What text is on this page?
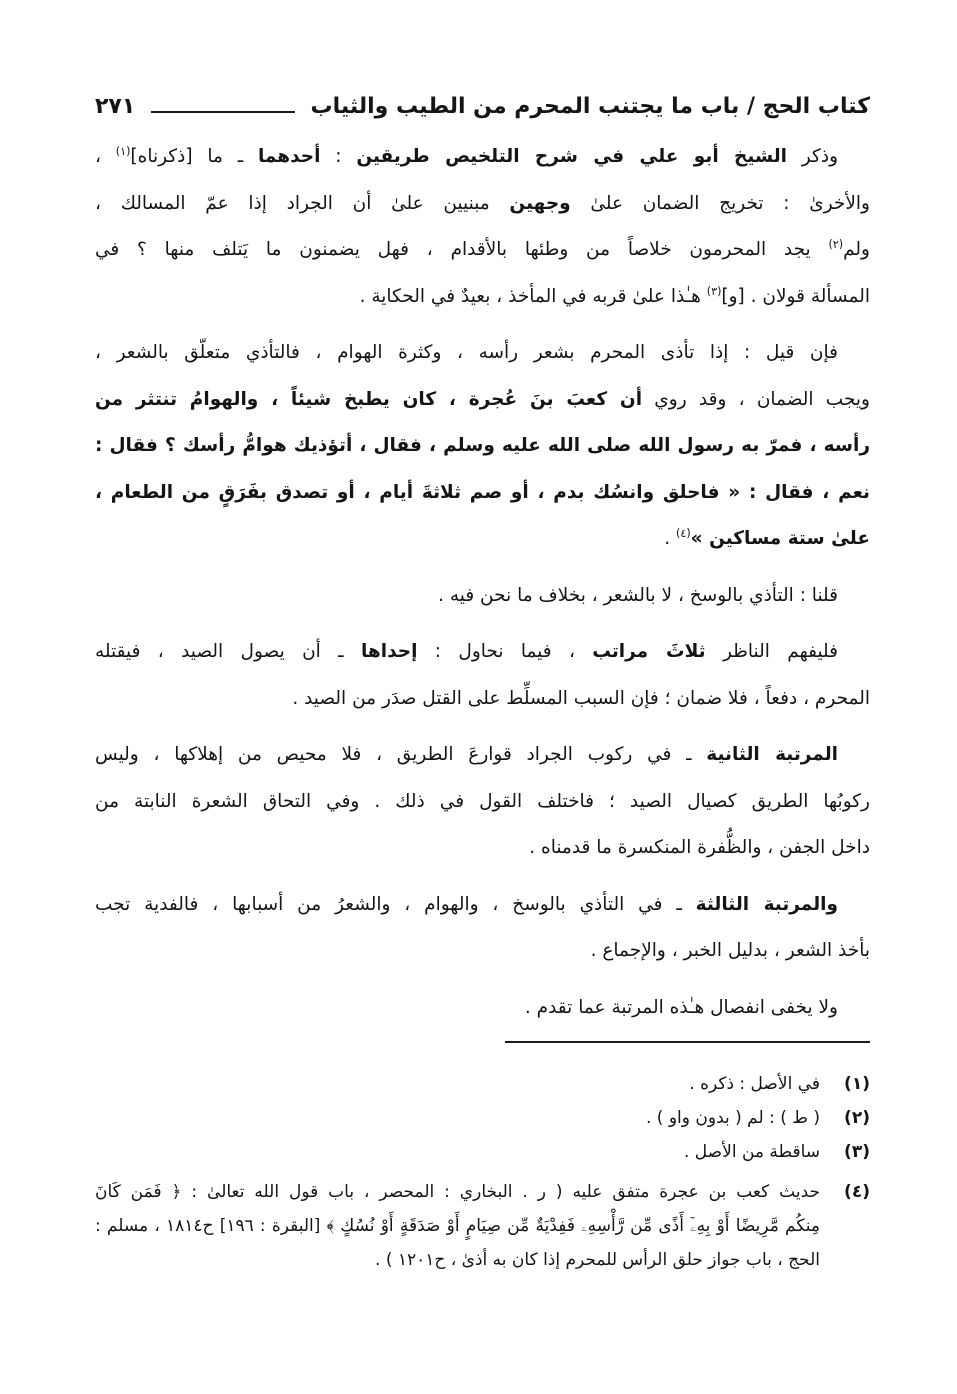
كتاب الحج / باب ما يجتنب المحرم من الطيب والثياب
٢٧١
وذكر الشيخ أبو علي في شرح التلخيص طريقين : أحدهما ـ ما [ذكرناه]$^{(١)}$ ،
والأخرىٰ : تخريج الضمان علىٰ وجهين مبنيين علىٰ أن الجراد إذا عمّ المسالك ،
ولم$^{(٢)}$ يجد المحرمون خلاصاً من وطئها بالأقدام ، فهل يضمنون ما يَتلف منها ؟ في
المسألة قولان . [و]$^{(٣)}$ هـٰذا علىٰ قربه في المأخذ ، بعيدٌ في الحكاية .
فإن قيل : إذا تأذى المحرم بشعر رأسه ، وكثرة الهوام ، فالتأذي متعلّق بالشعر ،
ويجب الضمان ، وقد روي أن كعبَ بنَ عُجرة ، كان يطبخ شيئاً ، والهوامُ تنتثر من
رأسه ، فمرّ به رسول الله صلى الله عليه وسلم ، فقال ، أتؤذيك هوامُّ رأسك ؟ فقال :
نعم ، فقال : « فاحلق وانسُك بدم ، أو صم ثلاثةَ أيام ، أو تصدق بفَرَقٍ من الطعام ،
علىٰ ستة مساكين »$^{(٤)}$ .
قلنا : التأذي بالوسخ ، لا بالشعر ، بخلاف ما نحن فيه .
فليفهم الناظر ثلاثَ مراتب ، فيما نحاول : إحداها ـ أن يصول الصيد ، فيقتله
المحرم ، دفعاً ، فلا ضمان ؛ فإن السبب المسلِّط على القتل صدَر من الصيد .
المرتبة الثانية ـ في ركوب الجراد قوارعَ الطريق ، فلا محيص من إهلاكها ، وليس
ركوبُها الطريق كصيال الصيد ؛ فاختلف القول في ذلك . وفي التحاق الشعرة النابتة من
داخل الجفن ، والظُّفرة المنكسرة ما قدمناه .
والمرتبة الثالثة ـ في التأذي بالوسخ ، والهوام ، والشعرُ من أسبابها ، فالفدية تجب
بأخذ الشعر ، بدليل الخبر ، والإجماع .
ولا يخفى انفصال هـٰذه المرتبة عما تقدم .
(١)
في الأصل : ذكره .
(٢)
( ط ) : لم ( بدون واو ) .
(٣)
ساقطة من الأصل .
(٤)
حديث كعب بن عجرة متفق عليه ( ر . البخاري : المحصر ، باب قول الله تعالىٰ : ﴿ فَمَن كَانَ
مِنكُم مَّرِيضًا أَوْ بِهِۦٓ أَذًى مِّن رَّأْسِهِۦ فَفِدْيَةٌ مِّن صِيَامٍ أَوْ صَدَقَةٍ أَوْ نُسُكٍ ﴾ [البقرة : ١٩٦] ح١٨١٤ ، مسلم :
الحج ، باب جواز حلق الرأس للمحرم إذا كان به أذىٰ ، ح١٢٠١ ) .
